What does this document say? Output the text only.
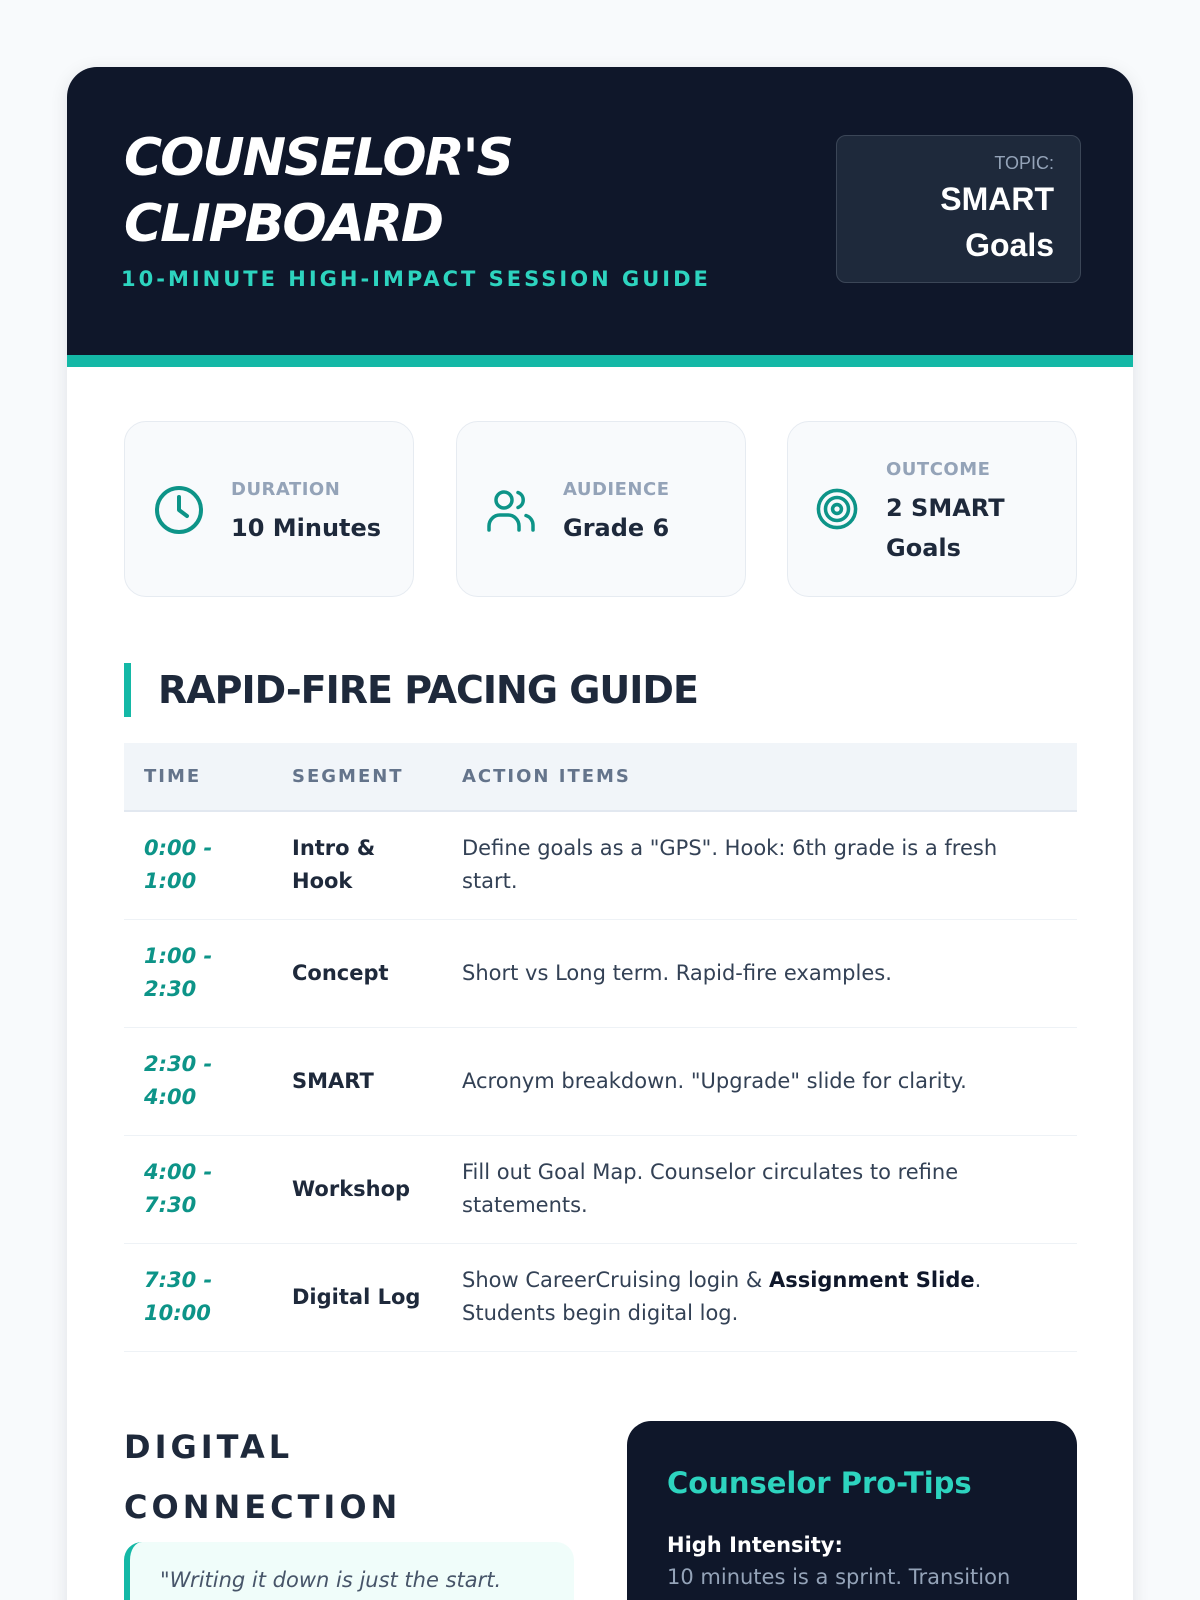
COUNSELOR'S CLIPBOARD
10-MINUTE HIGH-IMPACT SESSION GUIDE
TOPIC:
SMART Goals
DURATION
10 Minutes
AUDIENCE
Grade 6
OUTCOME
2 SMART Goals
RAPID-FIRE PACING GUIDE
TIME	SEGMENT	ACTION ITEMS

0:00 - 1:00	Intro & Hook	Define goals as a "GPS". Hook: 6th grade is a fresh start.

1:00 - 2:30	Concept	Short vs Long term. Rapid-fire examples.

2:30 - 4:00	SMART	Acronym breakdown. "Upgrade" slide for clarity.

4:00 - 7:30	Workshop	Fill out Goal Map. Counselor circulates to refine statements.

7:30 - 10:00	Digital Log	Show CareerCruising login & Assignment Slide. Students begin digital log.
DIGITAL CONNECTION

"Writing it down is just the start.

Counselor Pro-Tips
High Intensity:
10 minutes is a sprint. Transition
